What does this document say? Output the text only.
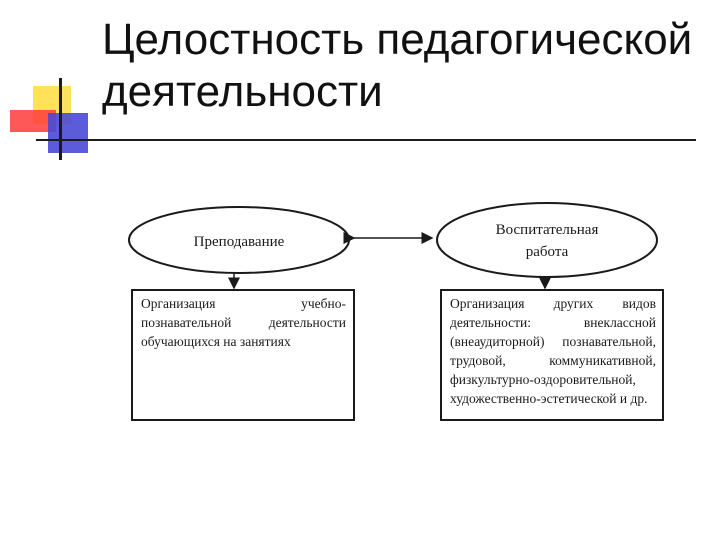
Целостность педагогической
деятельности
Преподавание
Воспитательная
работа

Организация учебно-познавательной деятельности обучающихся на занятиях

Организация других видов деятельности: внеклассной (внеаудиторной) познавательной, трудовой, коммуникативной, физкультурно-оздоровительной, художественно-эстетической и др.
